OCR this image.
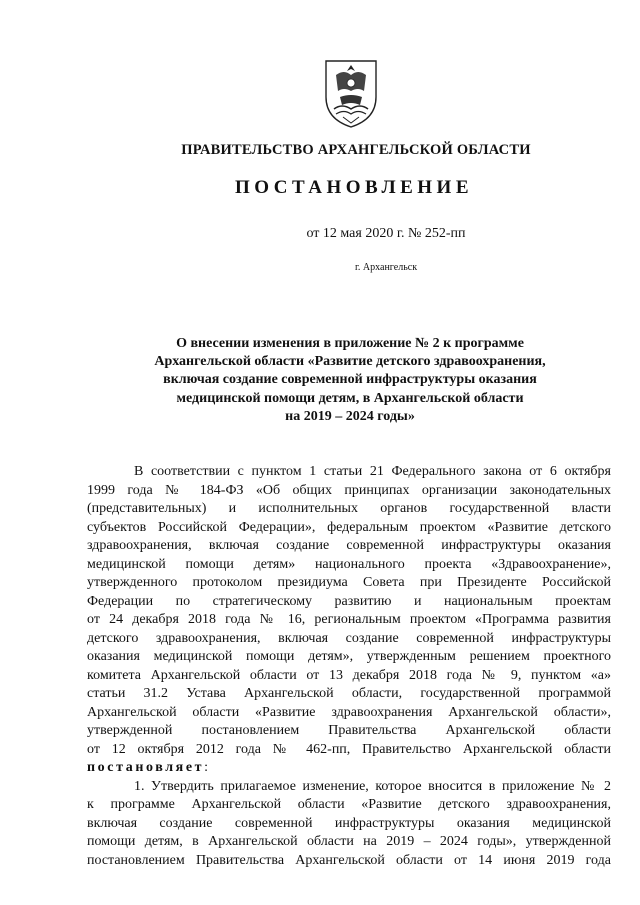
ПРАВИТЕЛЬСТВО АРХАНГЕЛЬСКОЙ ОБЛАСТИ
ПОСТАНОВЛЕНИЕ
от 12 мая 2020 г. № 252-пп
г. Архангельск
О внесении изменения в приложение № 2 к программе
Архангельской области «Развитие детского здравоохранения,
включая создание современной инфраструктуры оказания
медицинской помощи детям, в Архангельской области
на 2019 – 2024 годы»
В соответствии с пунктом 1 статьи 21 Федерального закона от 6 октября
1999 года № 184-ФЗ «Об общих принципах организации законодательных
(представительных) и исполнительных органов государственной власти
субъектов Российской Федерации», федеральным проектом «Развитие детского
здравоохранения, включая создание современной инфраструктуры оказания
медицинской помощи детям» национального проекта «Здравоохранение»,
утвержденного протоколом президиума Совета при Президенте Российской
Федерации по стратегическому развитию и национальным проектам
от 24 декабря 2018 года № 16, региональным проектом «Программа развития
детского здравоохранения, включая создание современной инфраструктуры
оказания медицинской помощи детям», утвержденным решением проектного
комитета Архангельской области от 13 декабря 2018 года № 9, пунктом «а»
статьи 31.2 Устава Архангельской области, государственной программой
Архангельской области «Развитие здравоохранения Архангельской области»,
утвержденной постановлением Правительства Архангельской области
от 12 октября 2012 года № 462-пп, Правительство Архангельской области
постановляет:
1. Утвердить прилагаемое изменение, которое вносится в приложение № 2
к программе Архангельской области «Развитие детского здравоохранения,
включая создание современной инфраструктуры оказания медицинской
помощи детям, в Архангельской области на 2019 – 2024 годы», утвержденной
постановлением Правительства Архангельской области от 14 июня 2019 года
